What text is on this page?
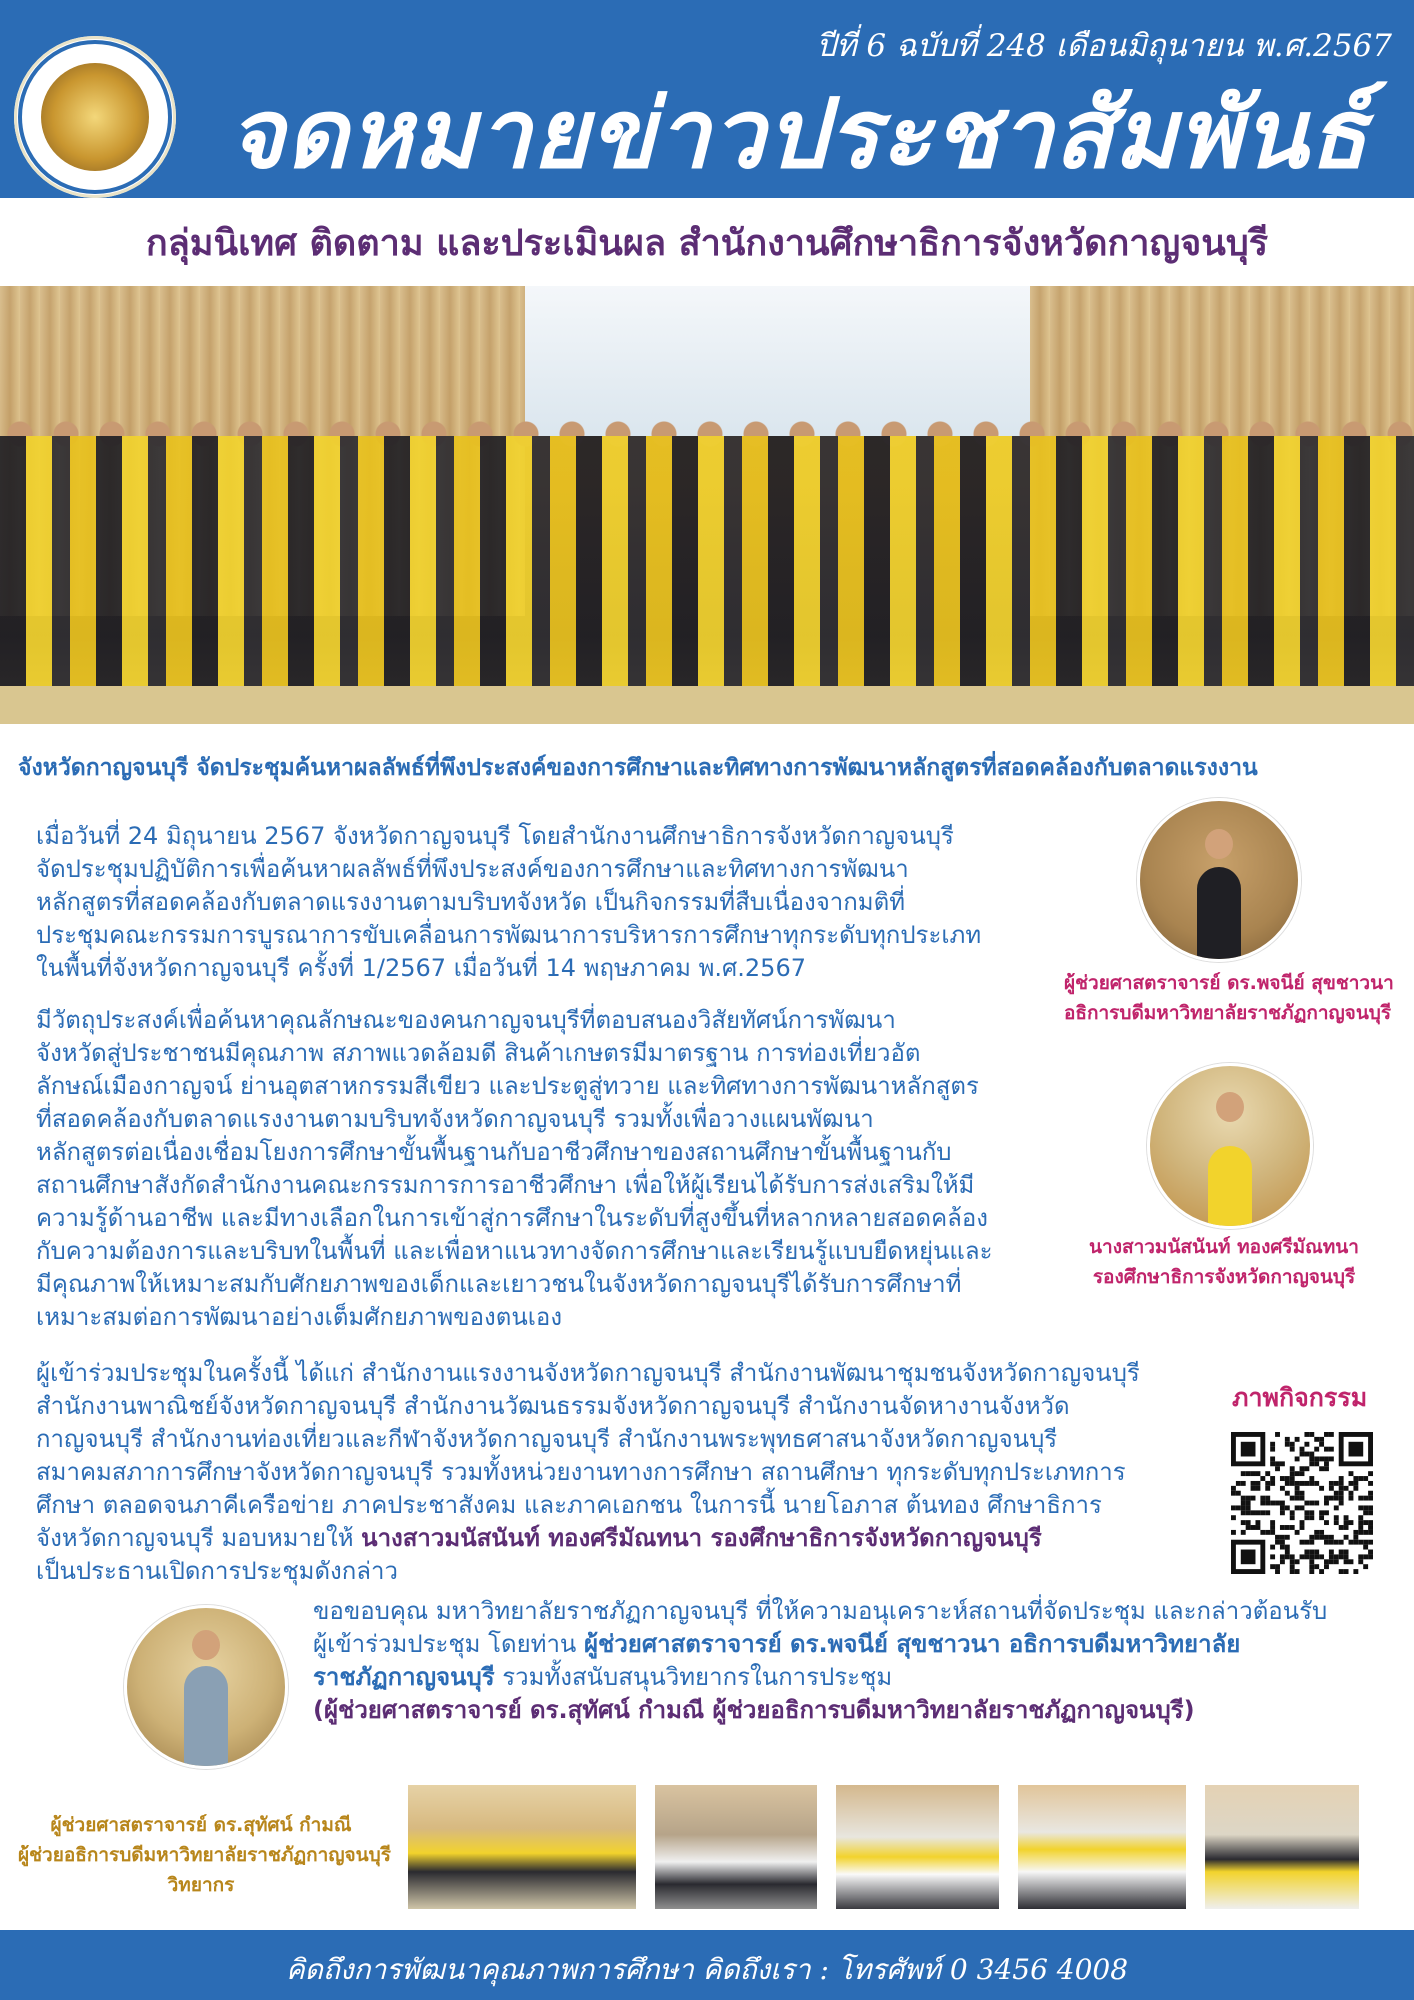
ปีที่ 6 ฉบับที่ 248 เดือนมิถุนายน พ.ศ.2567
จดหมายข่าวประชาสัมพันธ์
กลุ่มนิเทศ ติดตาม และประเมินผล สำนักงานศึกษาธิการจังหวัดกาญจนบุรี
จังหวัดกาญจนบุรี จัดประชุมค้นหาผลลัพธ์ที่พึงประสงค์ของการศึกษาและทิศทางการพัฒนาหลักสูตรที่สอดคล้องกับตลาดแรงงาน

เมื่อวันที่ 24 มิถุนายน 2567 จังหวัดกาญจนบุรี โดยสำนักงานศึกษาธิการจังหวัดกาญจนบุรี

จัดประชุมปฏิบัติการเพื่อค้นหาผลลัพธ์ที่พึงประสงค์ของการศึกษาและทิศทางการพัฒนา

หลักสูตรที่สอดคล้องกับตลาดแรงงานตามบริบทจังหวัด เป็นกิจกรรมที่สืบเนื่องจากมติที่

ประชุมคณะกรรมการบูรณาการขับเคลื่อนการพัฒนาการบริหารการศึกษาทุกระดับทุกประเภท

ในพื้นที่จังหวัดกาญจนบุรี ครั้งที่ 1/2567 เมื่อวันที่ 14 พฤษภาคม พ.ศ.2567

มีวัตถุประสงค์เพื่อค้นหาคุณลักษณะของคนกาญจนบุรีที่ตอบสนองวิสัยทัศน์การพัฒนา

จังหวัดสู่ประชาชนมีคุณภาพ สภาพแวดล้อมดี สินค้าเกษตรมีมาตรฐาน การท่องเที่ยวอัต

ลักษณ์เมืองกาญจน์ ย่านอุตสาหกรรมสีเขียว และประตูสู่ทวาย และทิศทางการพัฒนาหลักสูตร

ที่สอดคล้องกับตลาดแรงงานตามบริบทจังหวัดกาญจนบุรี รวมทั้งเพื่อวางแผนพัฒนา

หลักสูตรต่อเนื่องเชื่อมโยงการศึกษาขั้นพื้นฐานกับอาชีวศึกษาของสถานศึกษาขั้นพื้นฐานกับ

สถานศึกษาสังกัดสำนักงานคณะกรรมการการอาชีวศึกษา เพื่อให้ผู้เรียนได้รับการส่งเสริมให้มี

ความรู้ด้านอาชีพ และมีทางเลือกในการเข้าสู่การศึกษาในระดับที่สูงขึ้นที่หลากหลายสอดคล้อง

กับความต้องการและบริบทในพื้นที่ และเพื่อหาแนวทางจัดการศึกษาและเรียนรู้แบบยืดหยุ่นและ

มีคุณภาพให้เหมาะสมกับศักยภาพของเด็กและเยาวชนในจังหวัดกาญจนบุรีได้รับการศึกษาที่

เหมาะสมต่อการพัฒนาอย่างเต็มศักยภาพของตนเอง

ผู้เข้าร่วมประชุมในครั้งนี้ ได้แก่ สำนักงานแรงงานจังหวัดกาญจนบุรี สำนักงานพัฒนาชุมชนจังหวัดกาญจนบุรี

สำนักงานพาณิชย์จังหวัดกาญจนบุรี สำนักงานวัฒนธรรมจังหวัดกาญจนบุรี สำนักงานจัดหางานจังหวัด

กาญจนบุรี สำนักงานท่องเที่ยวและกีฬาจังหวัดกาญจนบุรี สำนักงานพระพุทธศาสนาจังหวัดกาญจนบุรี

สมาคมสภาการศึกษาจังหวัดกาญจนบุรี รวมทั้งหน่วยงานทางการศึกษา สถานศึกษา ทุกระดับทุกประเภทการ

ศึกษา ตลอดจนภาคีเครือข่าย ภาคประชาสังคม และภาคเอกชน ในการนี้ นายโอภาส ต้นทอง ศึกษาธิการ

จังหวัดกาญจนบุรี มอบหมายให้ นางสาวมนัสนันท์ ทองศรีมัณทนา รองศึกษาธิการจังหวัดกาญจนบุรี

เป็นประธานเปิดการประชุมดังกล่าว

ขอขอบคุณ มหาวิทยาลัยราชภัฏกาญจนบุรี ที่ให้ความอนุเคราะห์สถานที่จัดประชุม และกล่าวต้อนรับ

ผู้เข้าร่วมประชุม โดยท่าน ผู้ช่วยศาสตราจารย์ ดร.พจนีย์ สุขชาวนา อธิการบดีมหาวิทยาลัย

ราชภัฏกาญจนบุรี รวมทั้งสนับสนุนวิทยากรในการประชุม

(ผู้ช่วยศาสตราจารย์ ดร.สุทัศน์ กำมณี ผู้ช่วยอธิการบดีมหาวิทยาลัยราชภัฏกาญจนบุรี)

ผู้ช่วยศาสตราจารย์ ดร.พจนีย์ สุขชาวนา
อธิการบดีมหาวิทยาลัยราชภัฏกาญจนบุรี
นางสาวมนัสนันท์ ทองศรีมัณทนา
รองศึกษาธิการจังหวัดกาญจนบุรี
ผู้ช่วยศาสตราจารย์ ดร.สุทัศน์ กำมณี
ผู้ช่วยอธิการบดีมหาวิทยาลัยราชภัฏกาญจนบุรี
วิทยากร
ภาพกิจกรรม
คิดถึงการพัฒนาคุณภาพการศึกษา คิดถึงเรา : โทรศัพท์ 0 3456 4008
